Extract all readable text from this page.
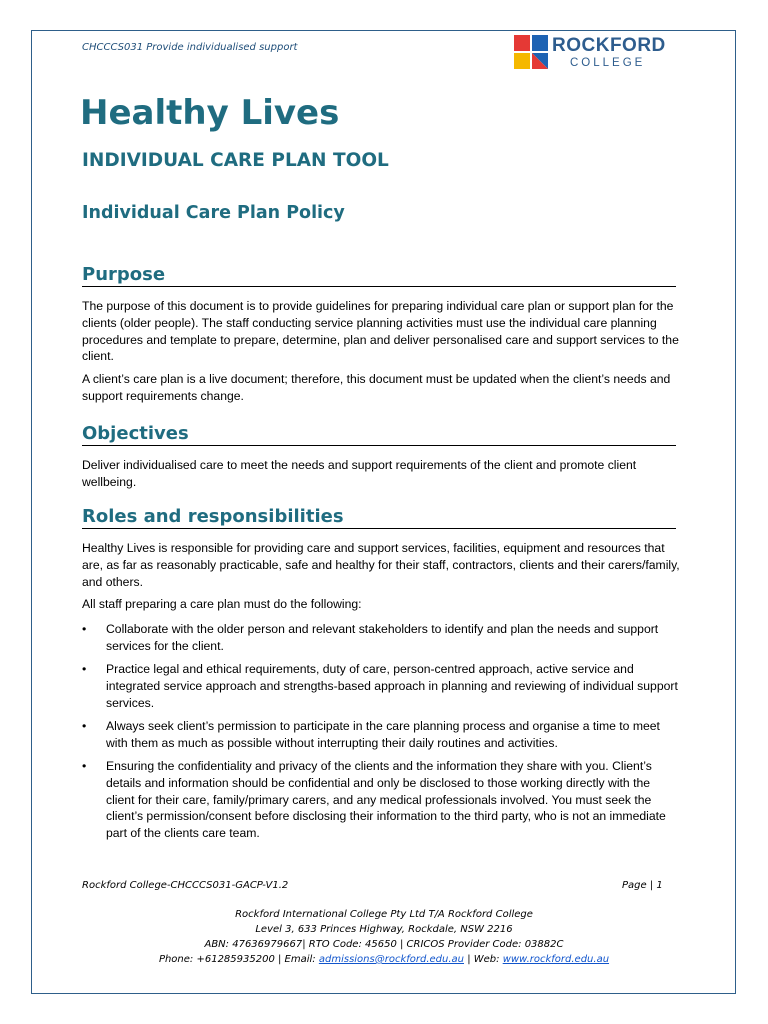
CHCCCS031 Provide individualised support	ROCKFORD
COLLEGE
Healthy Lives
INDIVIDUAL CARE PLAN TOOL
Individual Care Plan Policy
Purpose

The purpose of this document is to provide guidelines for preparing individual care plan or support plan for the clients (older people). The staff conducting service planning activities must use the individual care planning procedures and template to prepare, determine, plan and deliver personalised care and support services to the client.

A client’s care plan is a live document; therefore, this document must be updated when the client’s needs and support requirements change.

Objectives

Deliver individualised care to meet the needs and support requirements of the client and promote client wellbeing.

Roles and responsibilities

Healthy Lives is responsible for providing care and support services, facilities, equipment and resources that are, as far as reasonably practicable, safe and healthy for their staff, contractors, clients and their carers/family, and others.

All staff preparing a care plan must do the following:

• Collaborate with the older person and relevant stakeholders to identify and plan the needs and support services for the client.
• Practice legal and ethical requirements, duty of care, person-centred approach, active service and integrated service approach and strengths-based approach in planning and reviewing of individual support services.
• Always seek client’s permission to participate in the care planning process and organise a time to meet with them as much as possible without interrupting their daily routines and activities.
• Ensuring the confidentiality and privacy of the clients and the information they share with you. Client’s details and information should be confidential and only be disclosed to those working directly with the client for their care, family/primary carers, and any medical professionals involved. You must seek the client’s permission/consent before disclosing their information to the third party, who is not an immediate part of the clients care team.
Rockford College-CHCCCS031-GACP-V1.2	Page | 1
Rockford International College Pty Ltd T/A Rockford College
Level 3, 633 Princes Highway, Rockdale, NSW 2216
ABN: 47636979667| RTO Code: 45650 | CRICOS Provider Code: 03882C
Phone: +61285935200 | Email: admissions@rockford.edu.au | Web: www.rockford.edu.au
